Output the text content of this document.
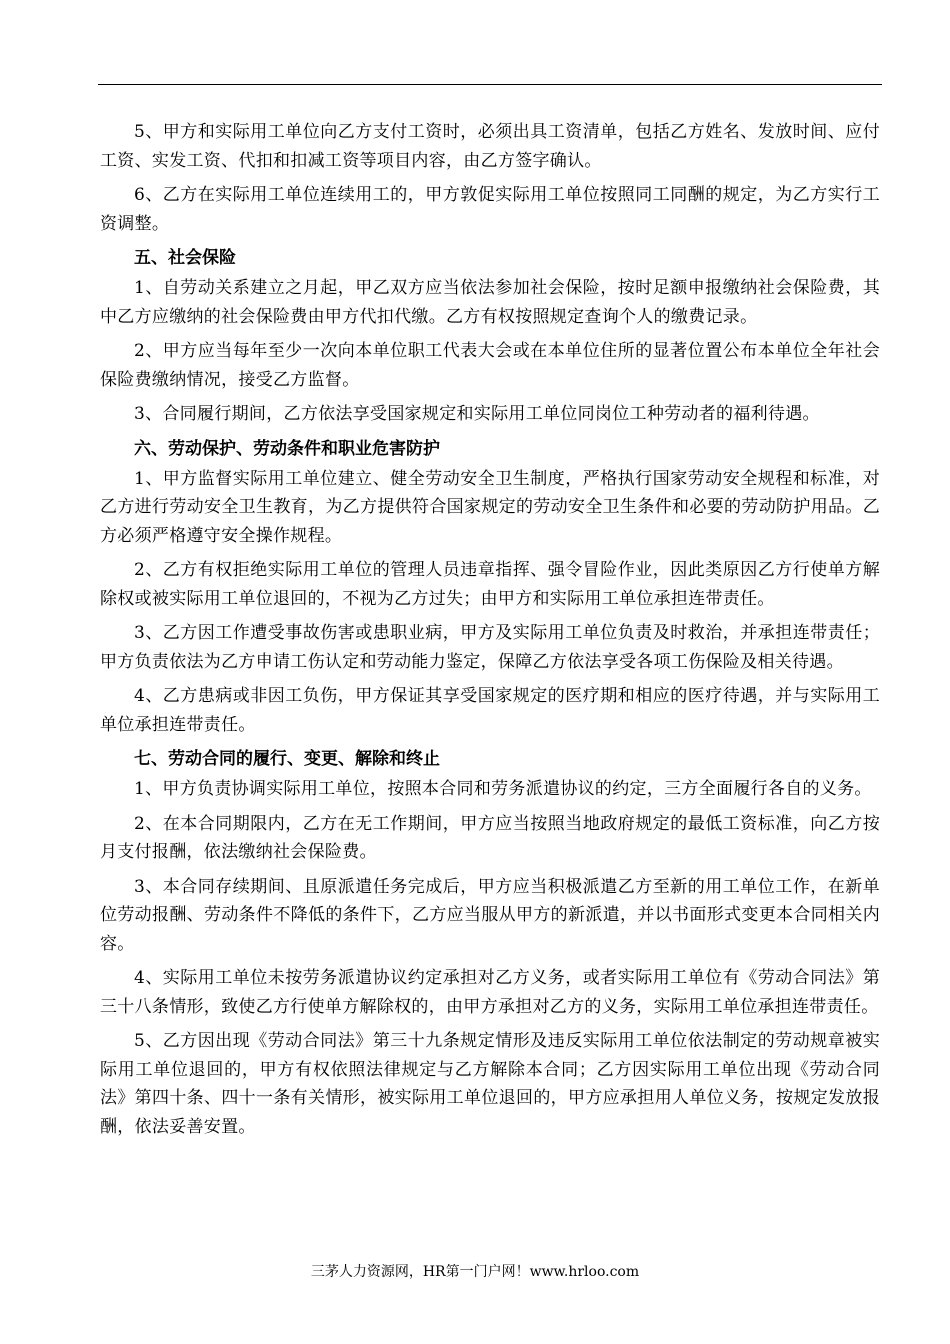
5、甲方和实际用工单位向乙方支付工资时，必须出具工资清单，包括乙方姓名、发放时间、应付工资、实发工资、代扣和扣减工资等项目内容，由乙方签字确认。

6、乙方在实际用工单位连续用工的，甲方敦促实际用工单位按照同工同酬的规定，为乙方实行工资调整。

五、社会保险

1、自劳动关系建立之月起，甲乙双方应当依法参加社会保险，按时足额申报缴纳社会保险费，其中乙方应缴纳的社会保险费由甲方代扣代缴。乙方有权按照规定查询个人的缴费记录。

2、甲方应当每年至少一次向本单位职工代表大会或在本单位住所的显著位置公布本单位全年社会保险费缴纳情况，接受乙方监督。

3、合同履行期间，乙方依法享受国家规定和实际用工单位同岗位工种劳动者的福利待遇。

六、劳动保护、劳动条件和职业危害防护

1、甲方监督实际用工单位建立、健全劳动安全卫生制度，严格执行国家劳动安全规程和标准，对乙方进行劳动安全卫生教育，为乙方提供符合国家规定的劳动安全卫生条件和必要的劳动防护用品。乙方必须严格遵守安全操作规程。

2、乙方有权拒绝实际用工单位的管理人员违章指挥、强令冒险作业，因此类原因乙方行使单方解除权或被实际用工单位退回的，不视为乙方过失；由甲方和实际用工单位承担连带责任。

3、乙方因工作遭受事故伤害或患职业病，甲方及实际用工单位负责及时救治，并承担连带责任；甲方负责依法为乙方申请工伤认定和劳动能力鉴定，保障乙方依法享受各项工伤保险及相关待遇。

4、乙方患病或非因工负伤，甲方保证其享受国家规定的医疗期和相应的医疗待遇，并与实际用工单位承担连带责任。

七、劳动合同的履行、变更、解除和终止

1、甲方负责协调实际用工单位，按照本合同和劳务派遣协议的约定，三方全面履行各自的义务。

2、在本合同期限内，乙方在无工作期间，甲方应当按照当地政府规定的最低工资标准，向乙方按月支付报酬，依法缴纳社会保险费。

3、本合同存续期间、且原派遣任务完成后，甲方应当积极派遣乙方至新的用工单位工作，在新单位劳动报酬、劳动条件不降低的条件下，乙方应当服从甲方的新派遣，并以书面形式变更本合同相关内容。

4、实际用工单位未按劳务派遣协议约定承担对乙方义务，或者实际用工单位有《劳动合同法》第三十八条情形，致使乙方行使单方解除权的，由甲方承担对乙方的义务，实际用工单位承担连带责任。

5、乙方因出现《劳动合同法》第三十九条规定情形及违反实际用工单位依法制定的劳动规章被实际用工单位退回的，甲方有权依照法律规定与乙方解除本合同；乙方因实际用工单位出现《劳动合同法》第四十条、四十一条有关情形，被实际用工单位退回的，甲方应承担用人单位义务，按规定发放报酬，依法妥善安置。

三茅人力资源网，HR第一门户网！www.hrloo.com
